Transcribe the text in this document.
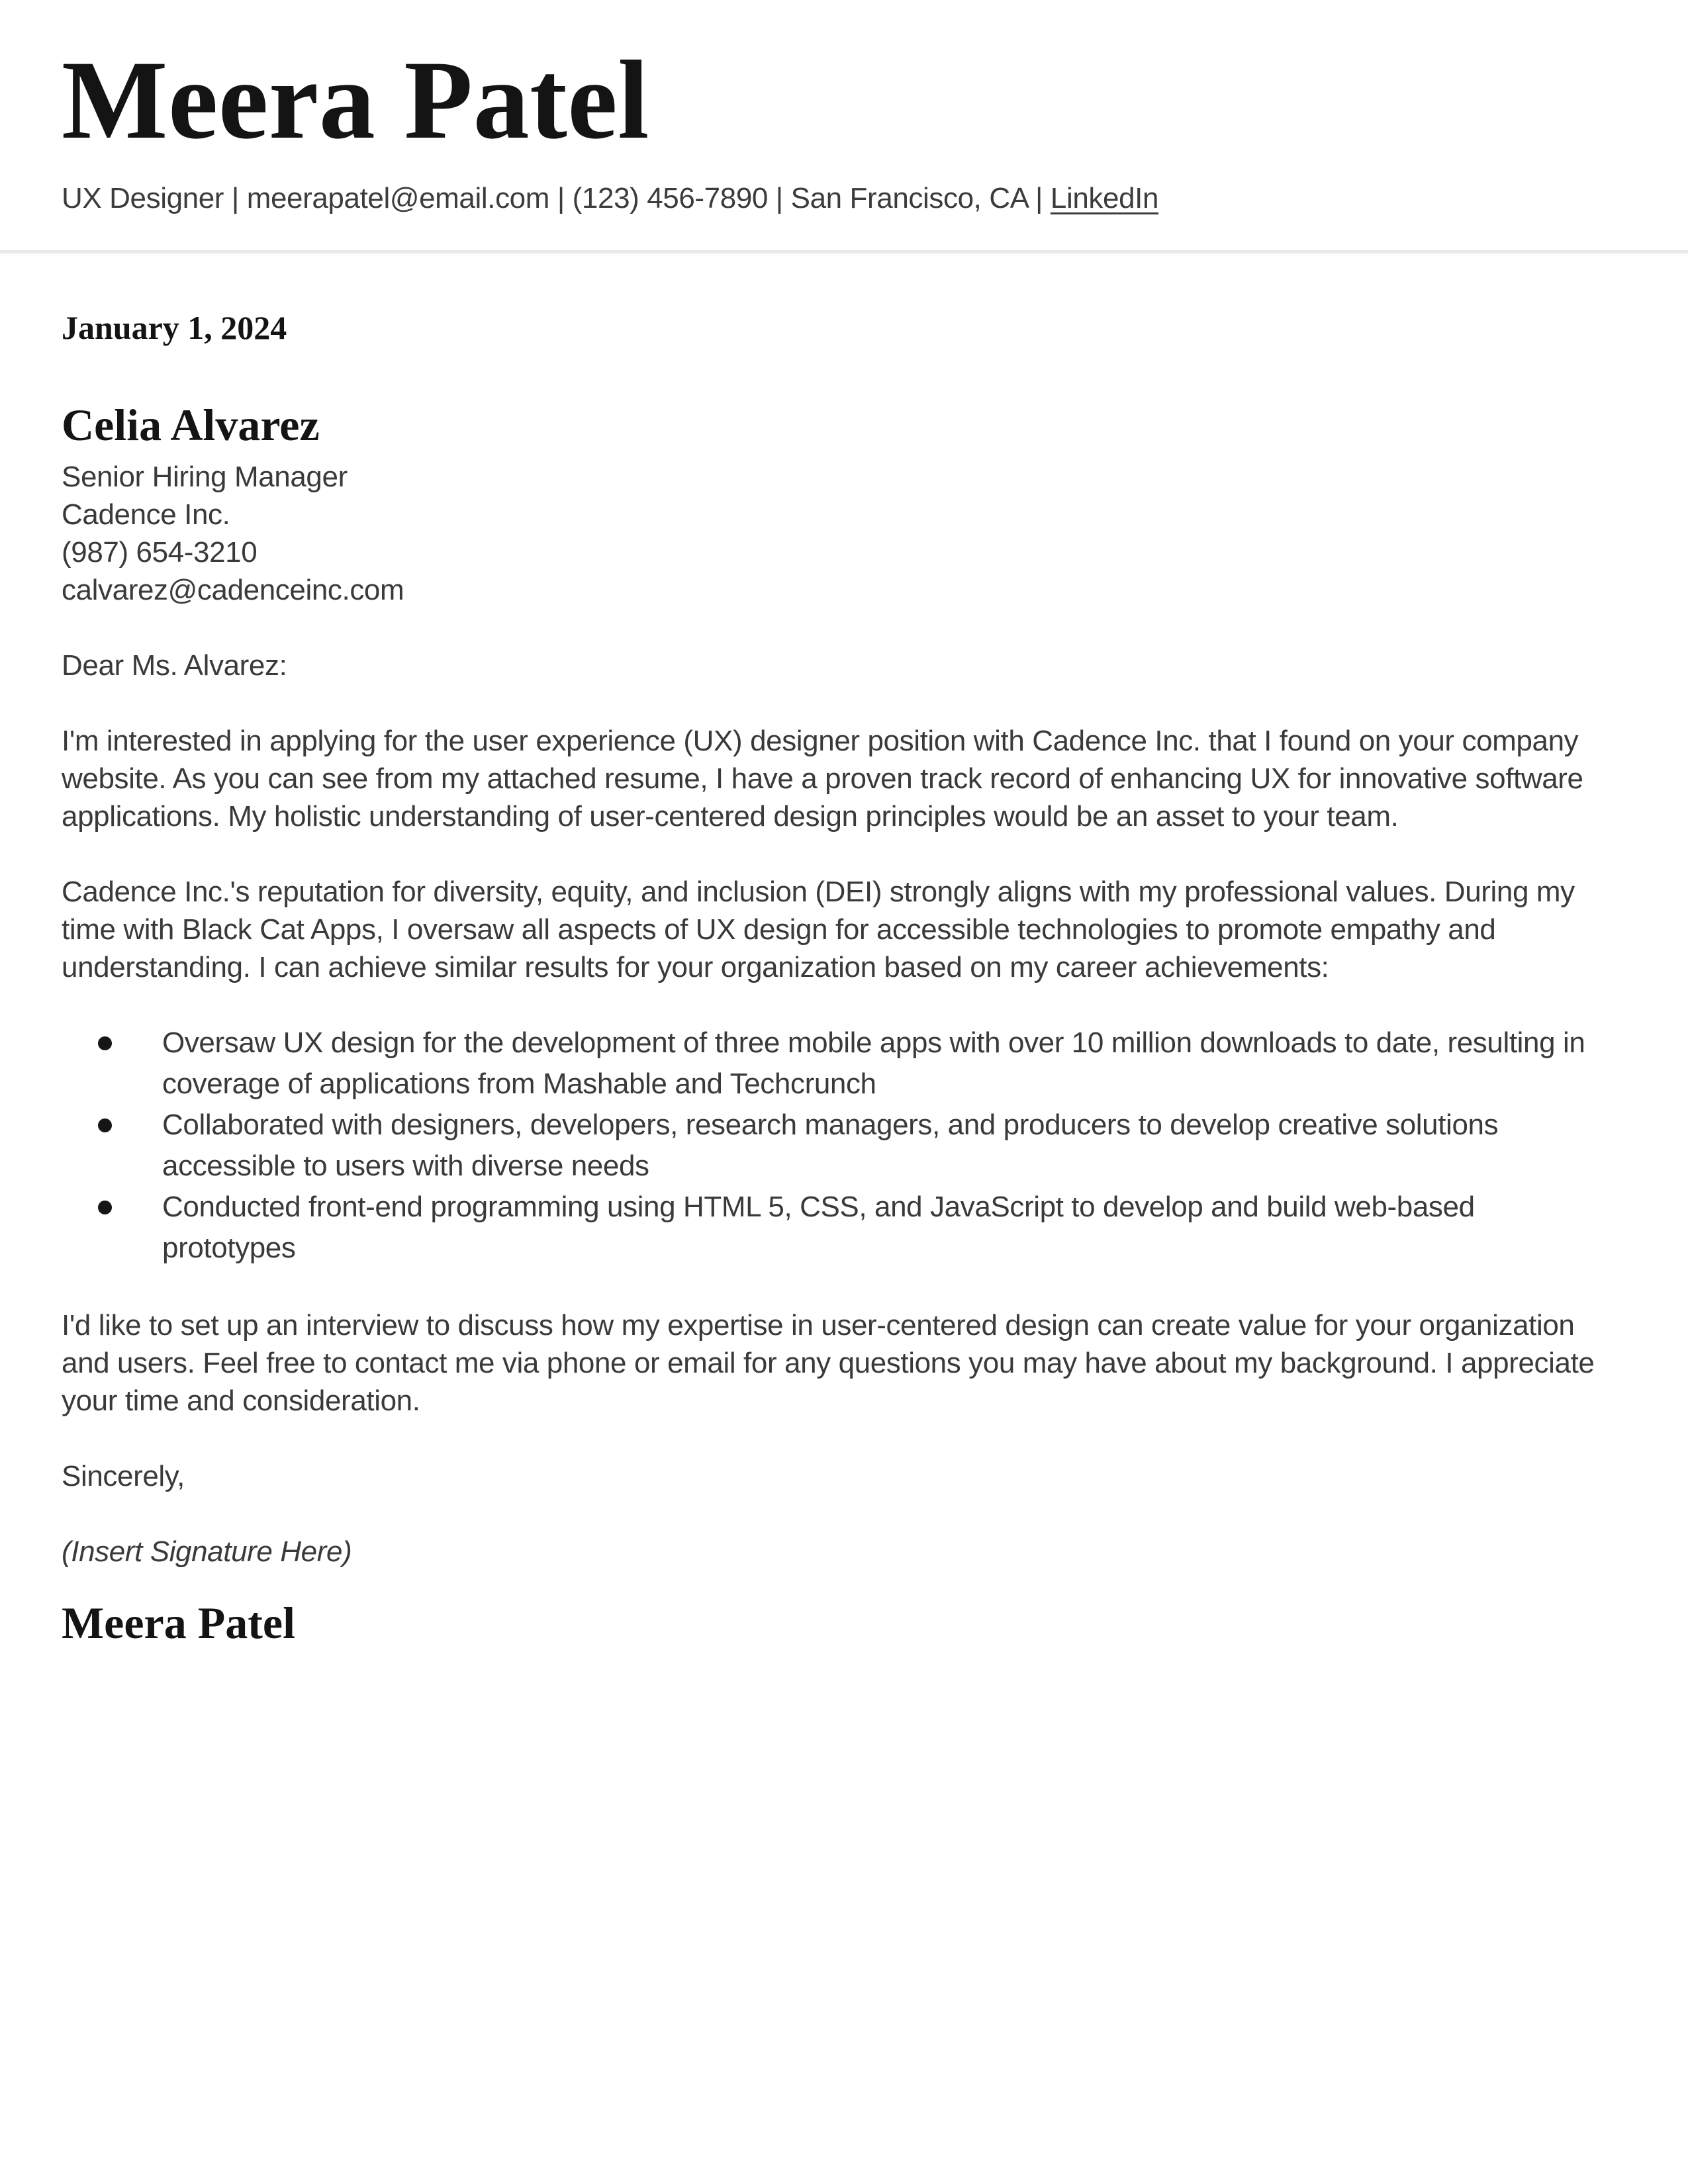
Meera Patel
UX Designer | meerapatel@email.com | (123) 456-7890 | San Francisco, CA | LinkedIn
January 1, 2024
Celia Alvarez
Senior Hiring Manager
Cadence Inc.
(987) 654-3210
calvarez@cadenceinc.com

Dear Ms. Alvarez:

I'm interested in applying for the user experience (UX) designer position with Cadence Inc. that I found on your company website. As you can see from my attached resume, I have a proven track record of enhancing UX for innovative software applications. My holistic understanding of user-centered design principles would be an asset to your team.

Cadence Inc.'s reputation for diversity, equity, and inclusion (DEI) strongly aligns with my professional values. During my time with Black Cat Apps, I oversaw all aspects of UX design for accessible technologies to promote empathy and understanding. I can achieve similar results for your organization based on my career achievements:

Oversaw UX design for the development of three mobile apps with over 10 million downloads to date, resulting in coverage of applications from Mashable and Techcrunch
Collaborated with designers, developers, research managers, and producers to develop creative solutions accessible to users with diverse needs
Conducted front-end programming using HTML 5, CSS, and JavaScript to develop and build web-based prototypes

I'd like to set up an interview to discuss how my expertise in user-centered design can create value for your organization and users. Feel free to contact me via phone or email for any questions you may have about my background. I appreciate your time and consideration.

Sincerely,

(Insert Signature Here)

Meera Patel
